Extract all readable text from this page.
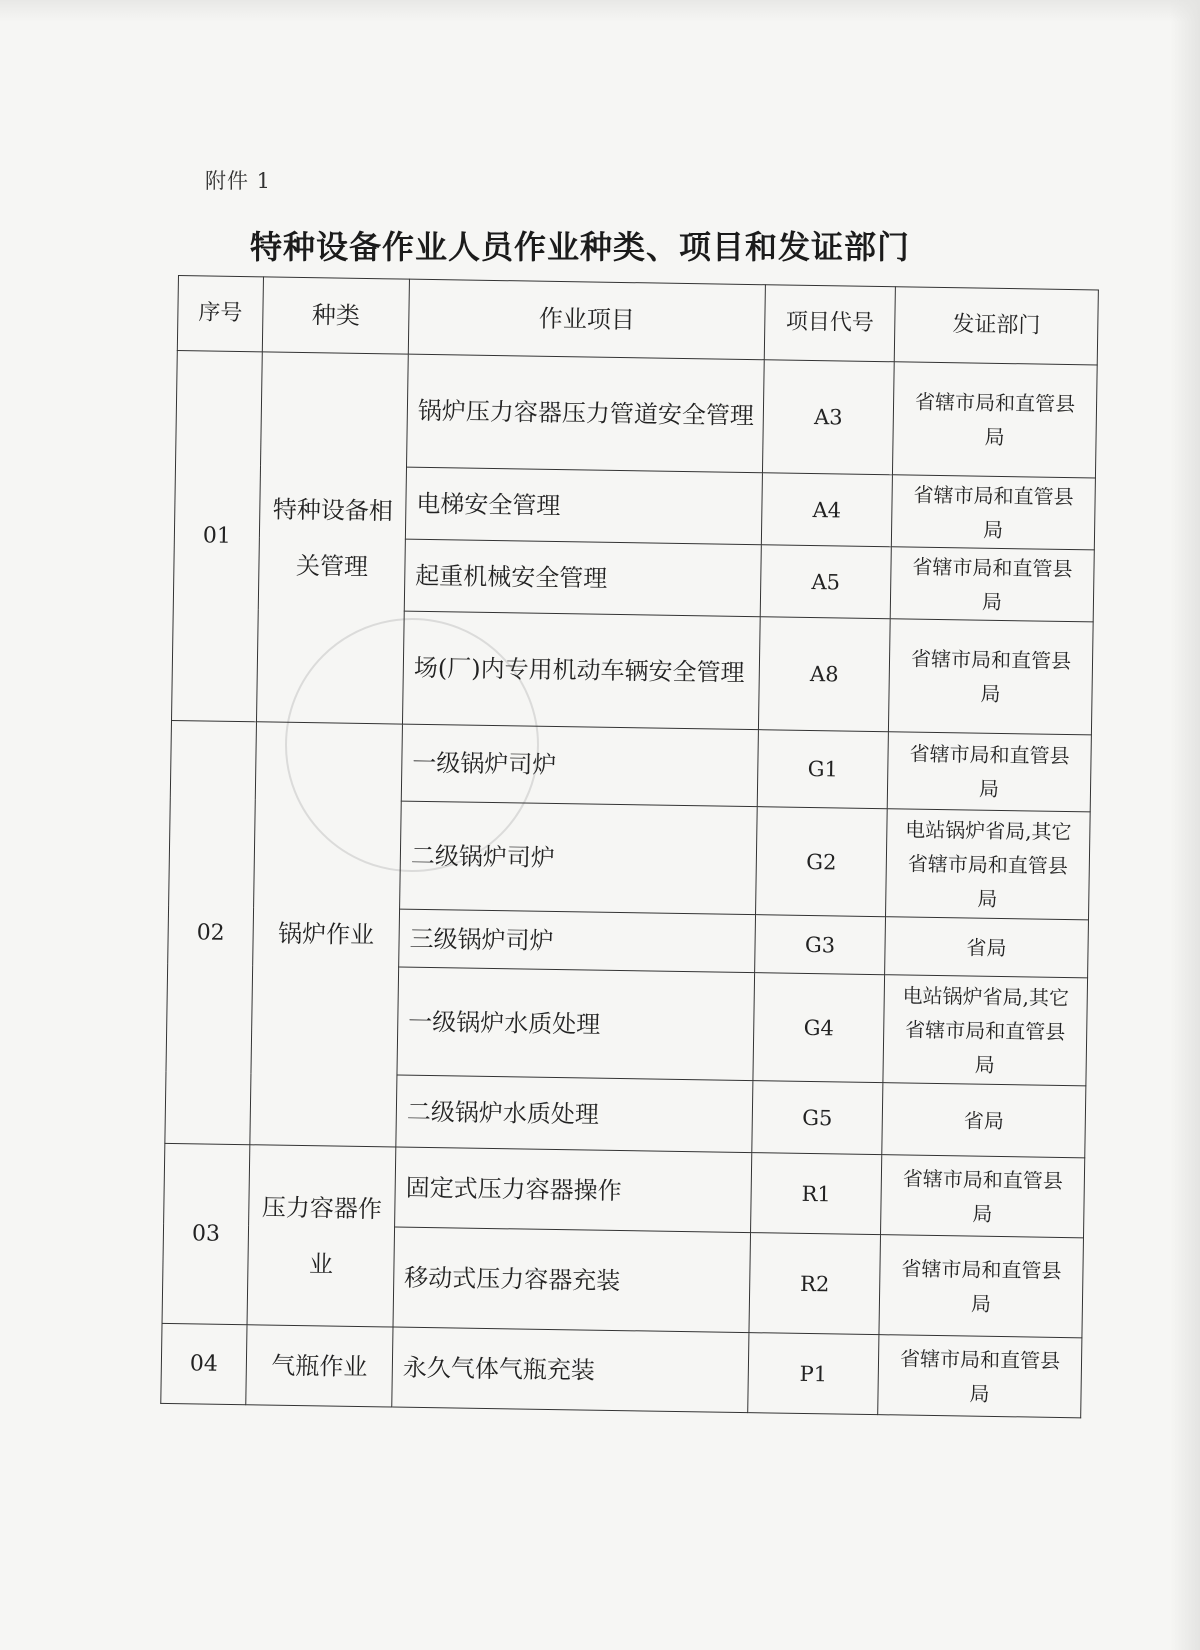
附件 1
特种设备作业人员作业种类、项目和发证部门
序号	种类	作业项目	项目代号	发证部门
01	特种设备相关管理	锅炉压力容器压力管道安全管理	A3	省辖市局和直管县局
		电梯安全管理	A4	省辖市局和直管县局
		起重机械安全管理	A5	省辖市局和直管县局
		场(厂)内专用机动车辆安全管理	A8	省辖市局和直管县局
02	锅炉作业	一级锅炉司炉	G1	省辖市局和直管县局
		二级锅炉司炉	G2	电站锅炉省局,其它省辖市局和直管县局
		三级锅炉司炉	G3	省局
		一级锅炉水质处理	G4	电站锅炉省局,其它省辖市局和直管县局
		二级锅炉水质处理	G5	省局
03	压力容器作业	固定式压力容器操作	R1	省辖市局和直管县局
		移动式压力容器充装	R2	省辖市局和直管县局
04	气瓶作业	永久气体气瓶充装	P1	省辖市局和直管县局
